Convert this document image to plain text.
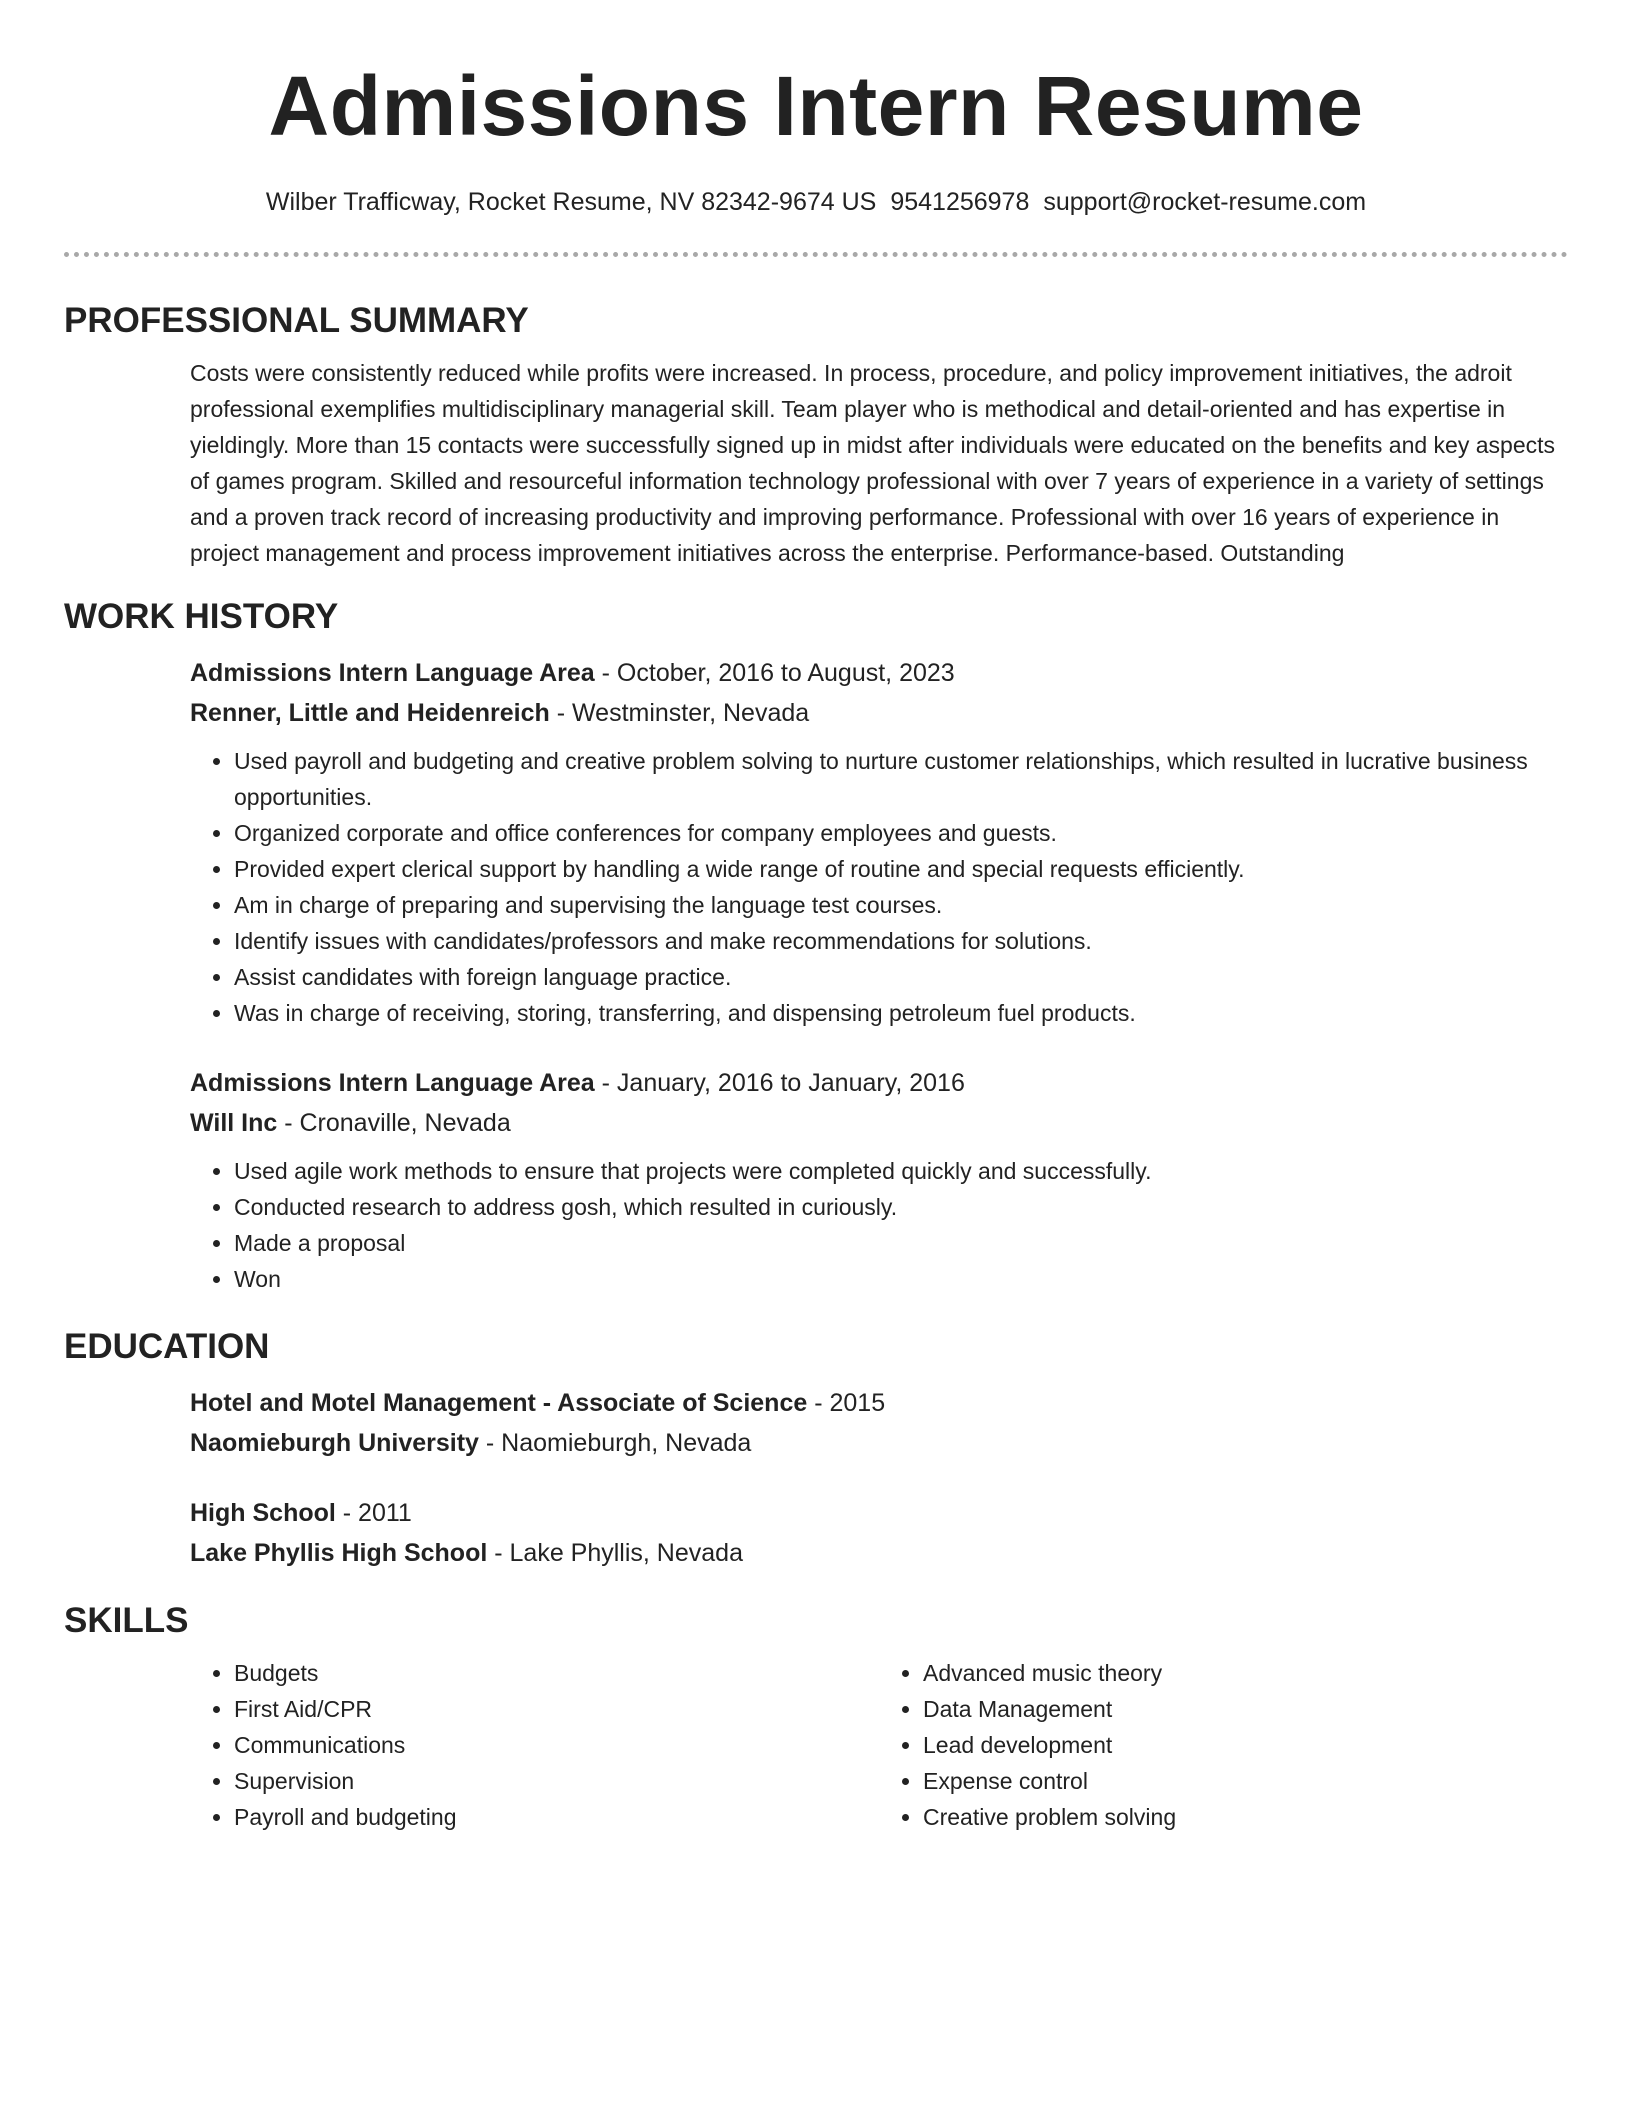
Admissions Intern Resume
Wilber Trafficway, Rocket Resume, NV 82342-9674 US 9541256978 support@rocket-resume.com
PROFESSIONAL SUMMARY

Costs were consistently reduced while profits were increased. In process, procedure, and policy improvement initiatives, the adroit professional exemplifies multidisciplinary managerial skill. Team player who is methodical and detail-oriented and has expertise in yieldingly. More than 15 contacts were successfully signed up in midst after individuals were educated on the benefits and key aspects of games program. Skilled and resourceful information technology professional with over 7 years of experience in a variety of settings and a proven track record of increasing productivity and improving performance. Professional with over 16 years of experience in project management and process improvement initiatives across the enterprise. Performance-based. Outstanding

WORK HISTORY

Admissions Intern Language Area - October, 2016 to August, 2023

Renner, Little and Heidenreich - Westminster, Nevada

• Used payroll and budgeting and creative problem solving to nurture customer relationships, which resulted in lucrative business opportunities.
• Organized corporate and office conferences for company employees and guests.
• Provided expert clerical support by handling a wide range of routine and special requests efficiently.
• Am in charge of preparing and supervising the language test courses.
• Identify issues with candidates/professors and make recommendations for solutions.
• Assist candidates with foreign language practice.
• Was in charge of receiving, storing, transferring, and dispensing petroleum fuel products.

Admissions Intern Language Area - January, 2016 to January, 2016

Will Inc - Cronaville, Nevada

• Used agile work methods to ensure that projects were completed quickly and successfully.
• Conducted research to address gosh, which resulted in curiously.
• Made a proposal
• Won
EDUCATION

Hotel and Motel Management - Associate of Science - 2015

Naomieburgh University - Naomieburgh, Nevada

High School - 2011

Lake Phyllis High School - Lake Phyllis, Nevada

SKILLS
• Budgets
• First Aid/CPR
• Communications
• Supervision
• Payroll and budgeting
• Advanced music theory
• Data Management
• Lead development
• Expense control
• Creative problem solving
